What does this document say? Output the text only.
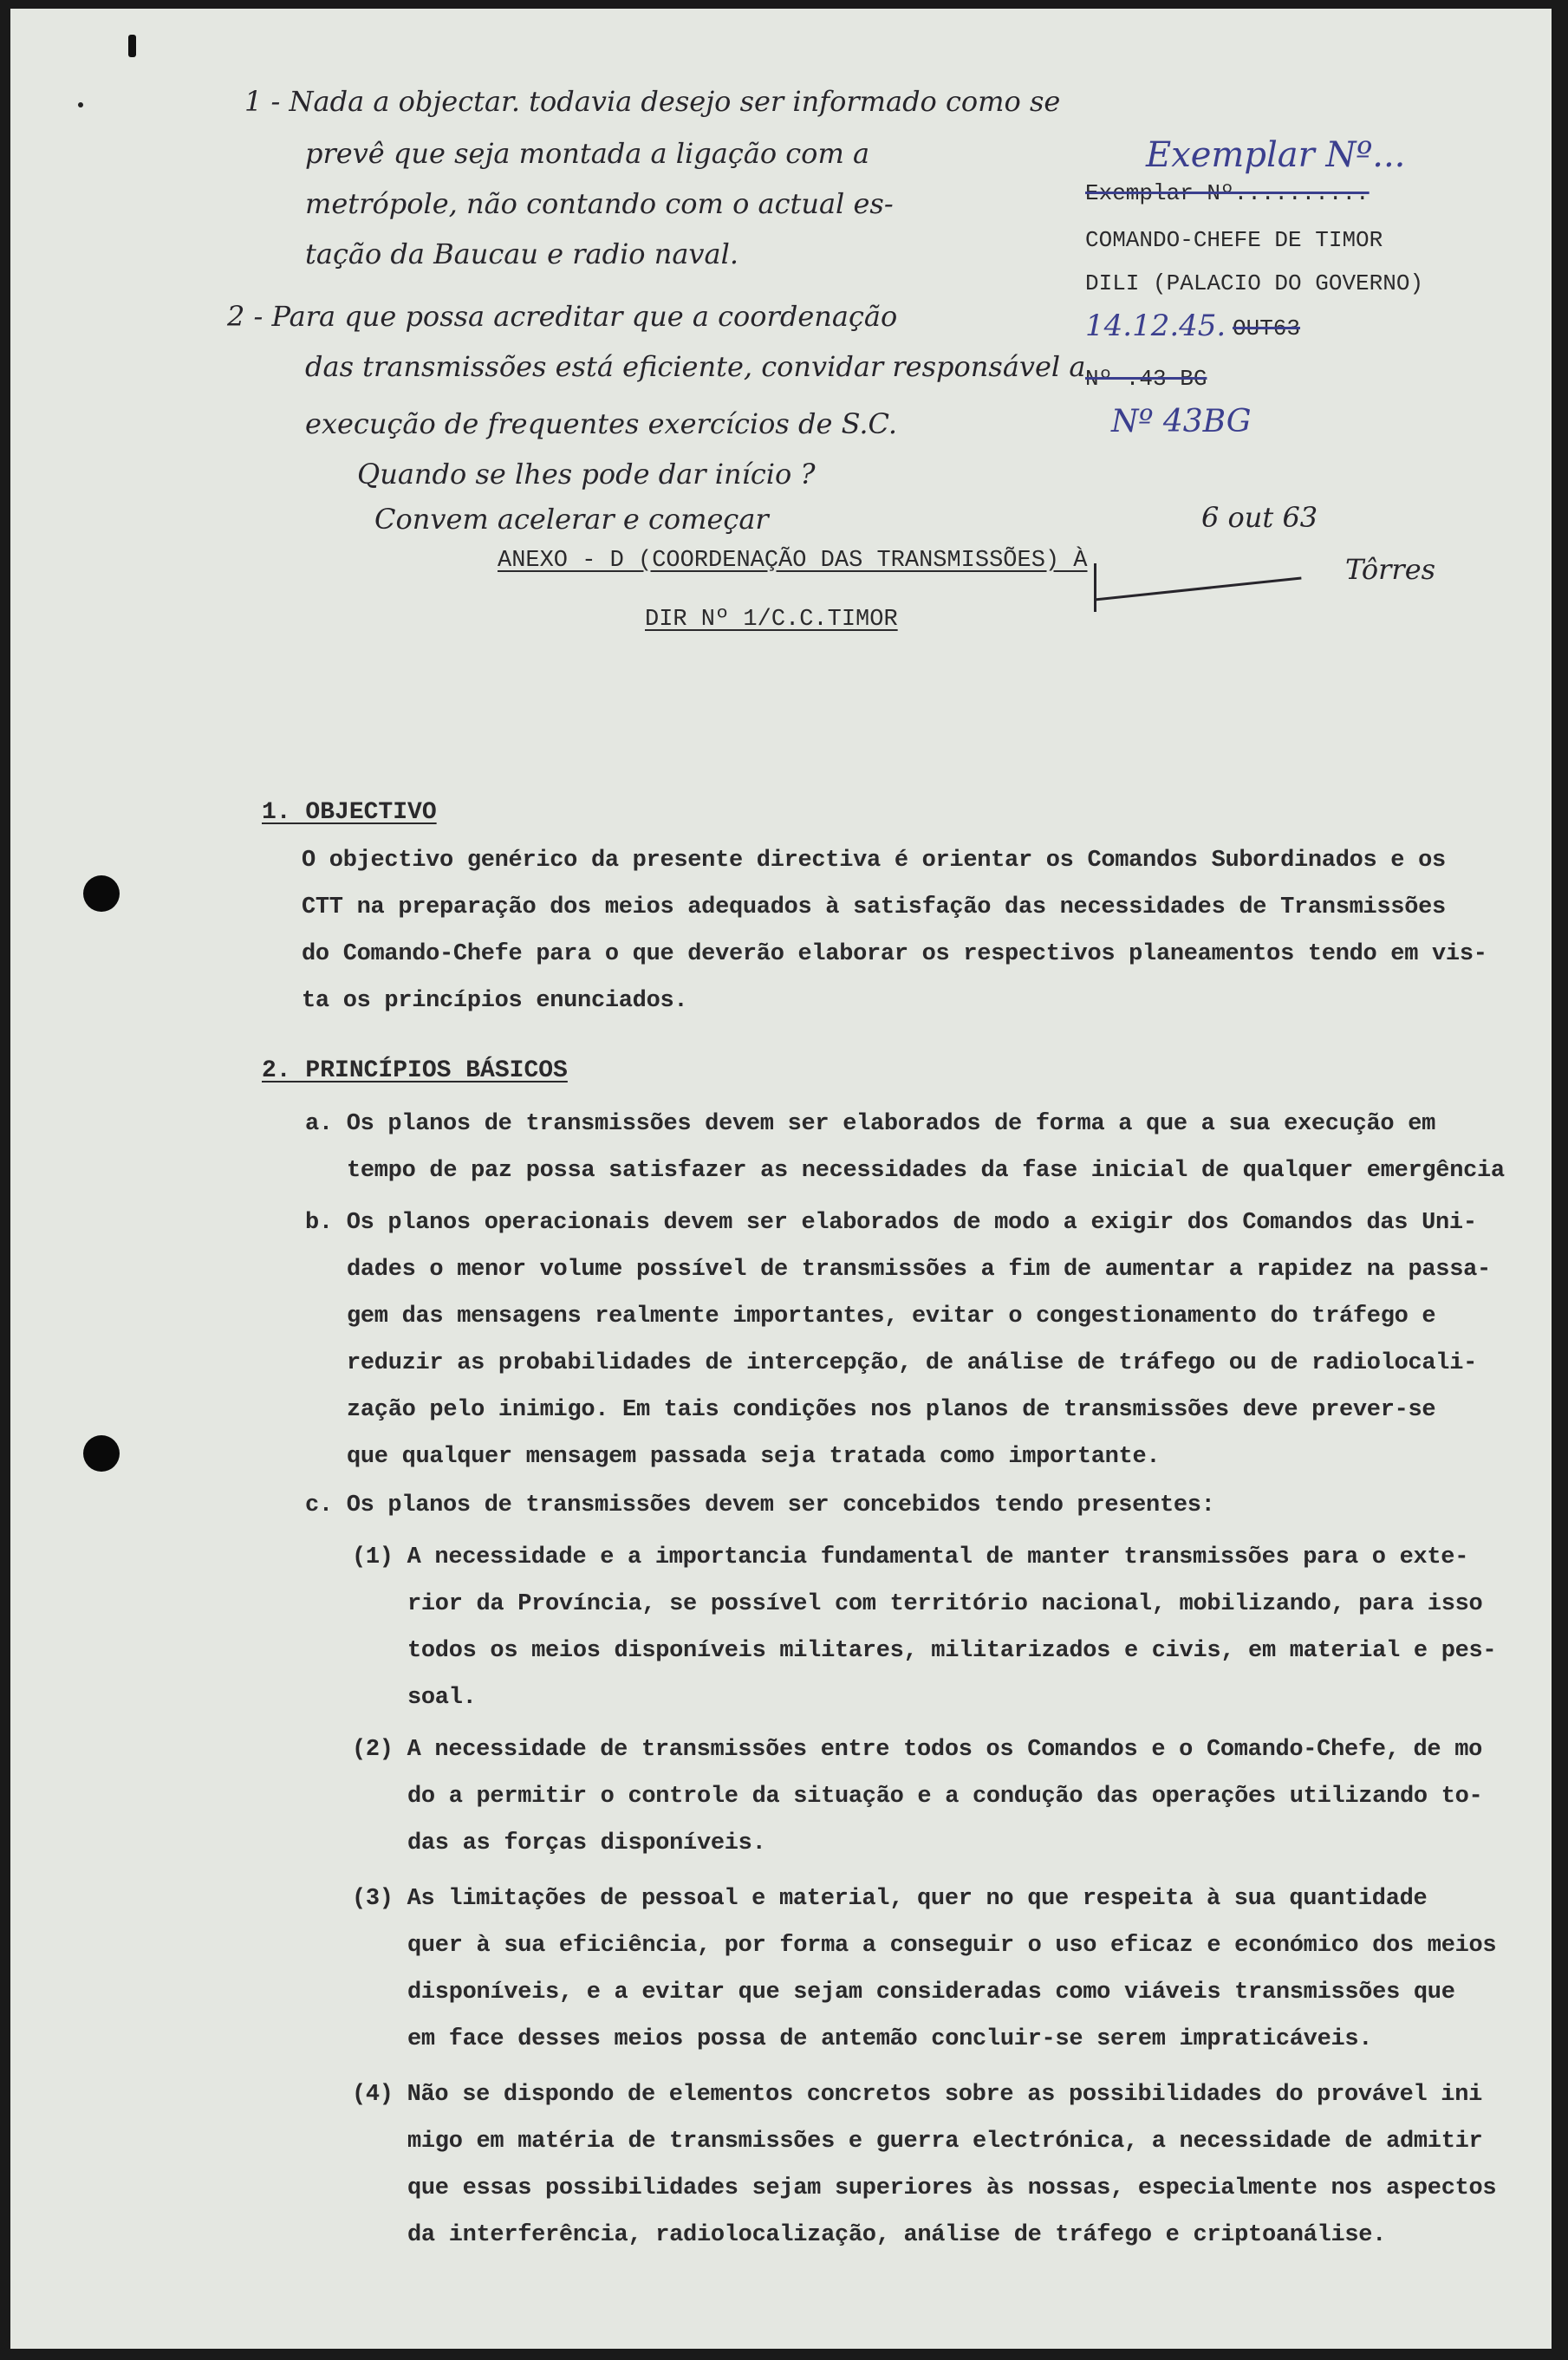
1 - Nada a objectar. todavia desejo ser informado como se
prevê que seja montada a ligação com a
metrópole, não contando com o actual es-
tação da Baucau e radio naval.
2 - Para que possa acreditar que a coordenação
das transmissões está eficiente, convidar responsável a
execução de frequentes exercícios de S.C.
Quando se lhes pode dar início ?
Convem acelerar e começar	6 out 63
Exemplar Nº...
Exemplar Nº..........
COMANDO-CHEFE DE TIMOR
DILI (PALACIO DO GOVERNO)
14.12.45. OUT63
Nº .43 BG
Nº 43BG
ANEXO - D (COORDENAÇÃO DAS TRANSMISSÕES) À
DIR Nº 1/C.C.TIMOR
Tôrres
1. OBJECTIVO
O objectivo genérico da presente directiva é orientar os Comandos Subordinados e os
CTT na preparação dos meios adequados à satisfação das necessidades de Transmissões
do Comando-Chefe para o que deverão elaborar os respectivos planeamentos tendo em vis-
ta os princípios enunciados.
2. PRINCÍPIOS BÁSICOS
a. Os planos de transmissões devem ser elaborados de forma a que a sua execução em
tempo de paz possa satisfazer as necessidades da fase inicial de qualquer emergência
b. Os planos operacionais devem ser elaborados de modo a exigir dos Comandos das Uni-
dades o menor volume possível de transmissões a fim de aumentar a rapidez na passa-
gem das mensagens realmente importantes, evitar o congestionamento do tráfego e
reduzir as probabilidades de intercepção, de análise de tráfego ou de radiolocali-
zação pelo inimigo. Em tais condições nos planos de transmissões deve prever-se
que qualquer mensagem passada seja tratada como importante.
c. Os planos de transmissões devem ser concebidos tendo presentes:
(1) A necessidade e a importancia fundamental de manter transmissões para o exte-
rior da Província, se possível com território nacional, mobilizando, para isso
todos os meios disponíveis militares, militarizados e civis, em material e pes-
soal.
(2) A necessidade de transmissões entre todos os Comandos e o Comando-Chefe, de mo
do a permitir o controle da situação e a condução das operações utilizando to-
das as forças disponíveis.
(3) As limitações de pessoal e material, quer no que respeita à sua quantidade
quer à sua eficiência, por forma a conseguir o uso eficaz e económico dos meios
disponíveis, e a evitar que sejam consideradas como viáveis transmissões que
em face desses meios possa de antemão concluir-se serem impraticáveis.
(4) Não se dispondo de elementos concretos sobre as possibilidades do provável ini
migo em matéria de transmissões e guerra electrónica, a necessidade de admitir
que essas possibilidades sejam superiores às nossas, especialmente nos aspectos
da interferência, radiolocalização, análise de tráfego e criptoanálise.
